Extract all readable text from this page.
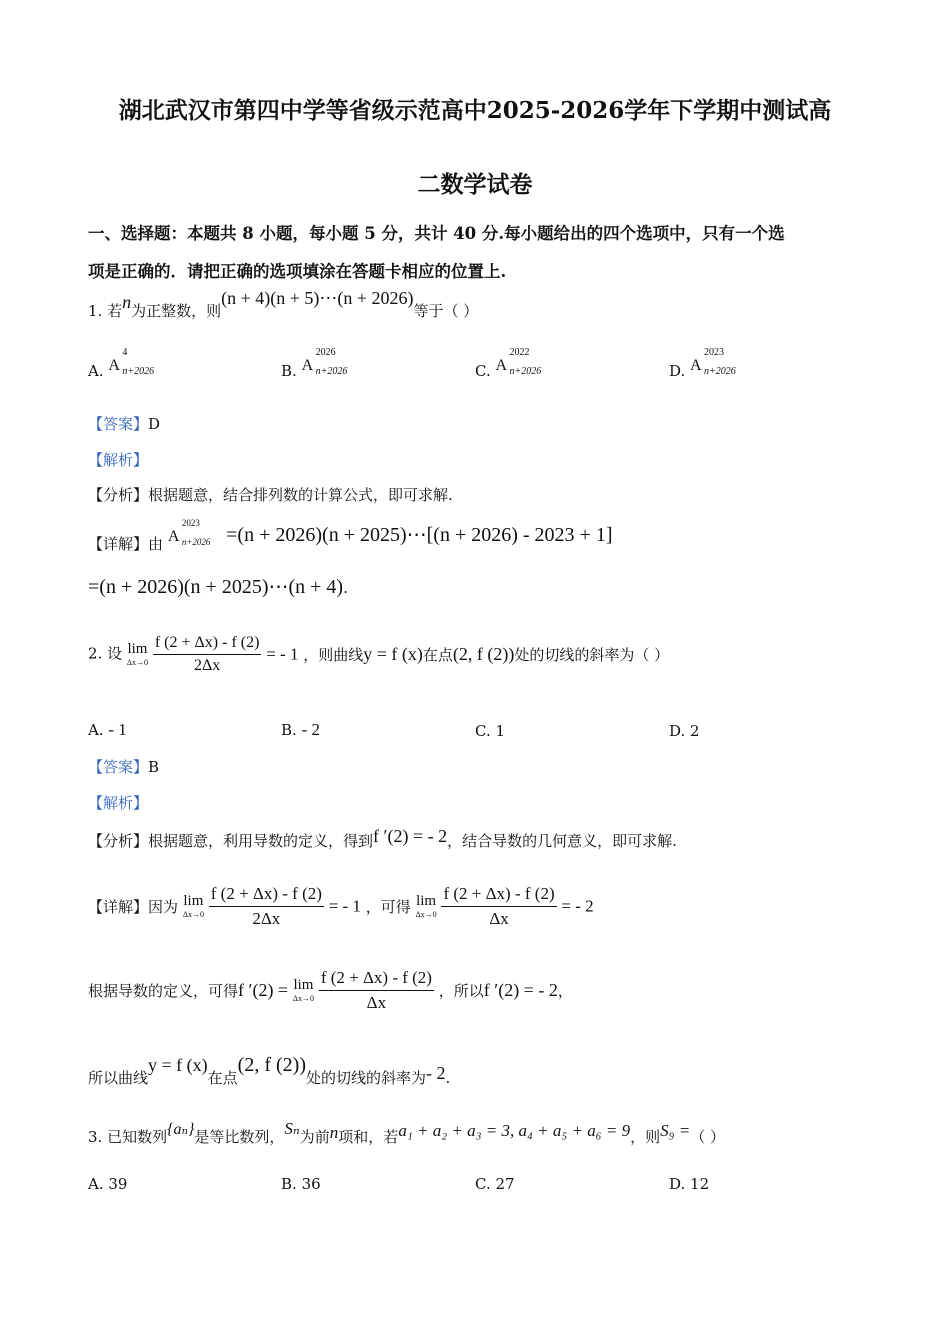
湖北武汉市第四中学等省级示范高中2025-2026学年下学期中测试高
二数学试卷
一、选择题：本题共 8 小题，每小题 5 分，共计 40 分.每小题给出的四个选项中，只有一个选
项是正确的．请把正确的选项填涂在答题卡相应的位置上.
1. 若n为正整数，则(n + 4)(n + 5)⋯(n + 2026)等于（ ）
A. A
4
n+2026	B. A
2026
n+2026	C. A
2022
n+2026	D. A
2023
n+2026
【答案】D
【解析】
【分析】根据题意，结合排列数的计算公式，即可求解.
【详解】由 A
2023
n+2026 =(n + 2026)(n + 2025)⋯[(n + 2026) - 2023 + 1]
=(n + 2026)(n + 2025)⋯(n + 4).
2. 设 lim
Δx→0
$\frac{f (2 + \Delta x) - f (2)}{2\Delta x}$ = - 1 ，则曲线y = f (x)在点(2, f (2))处的切线的斜率为（ ）
A. - 1	B. - 2	C. 1	D. 2
【答案】B
【解析】
【分析】根据题意，利用导数的定义，得到f ′(2) = - 2，结合导数的几何意义，即可求解.
【详解】因为 lim
Δx→0
$\frac{f (2 + \Delta x) - f (2)}{2\Delta x}$ = - 1 ，可得 lim
Δx→0
$\frac{f (2 + \Delta x) - f (2)}{\Delta x}$ = - 2
根据导数的定义，可得f ′(2) = lim
Δx→0
$\frac{f (2 + \Delta x) - f (2)}{\Delta x}$ ，所以f ′(2) = - 2，
所以曲线y = f (x)在点(2, f (2))处的切线的斜率为- 2.
3. 已知数列{aₙ}是等比数列，Sₙ为前n项和，若a₁ + a₂ + a₃ = 3, a₄ + a₅ + a₆ = 9，则S₉ =（ ）
A. 39	B. 36	C. 27	D. 12
